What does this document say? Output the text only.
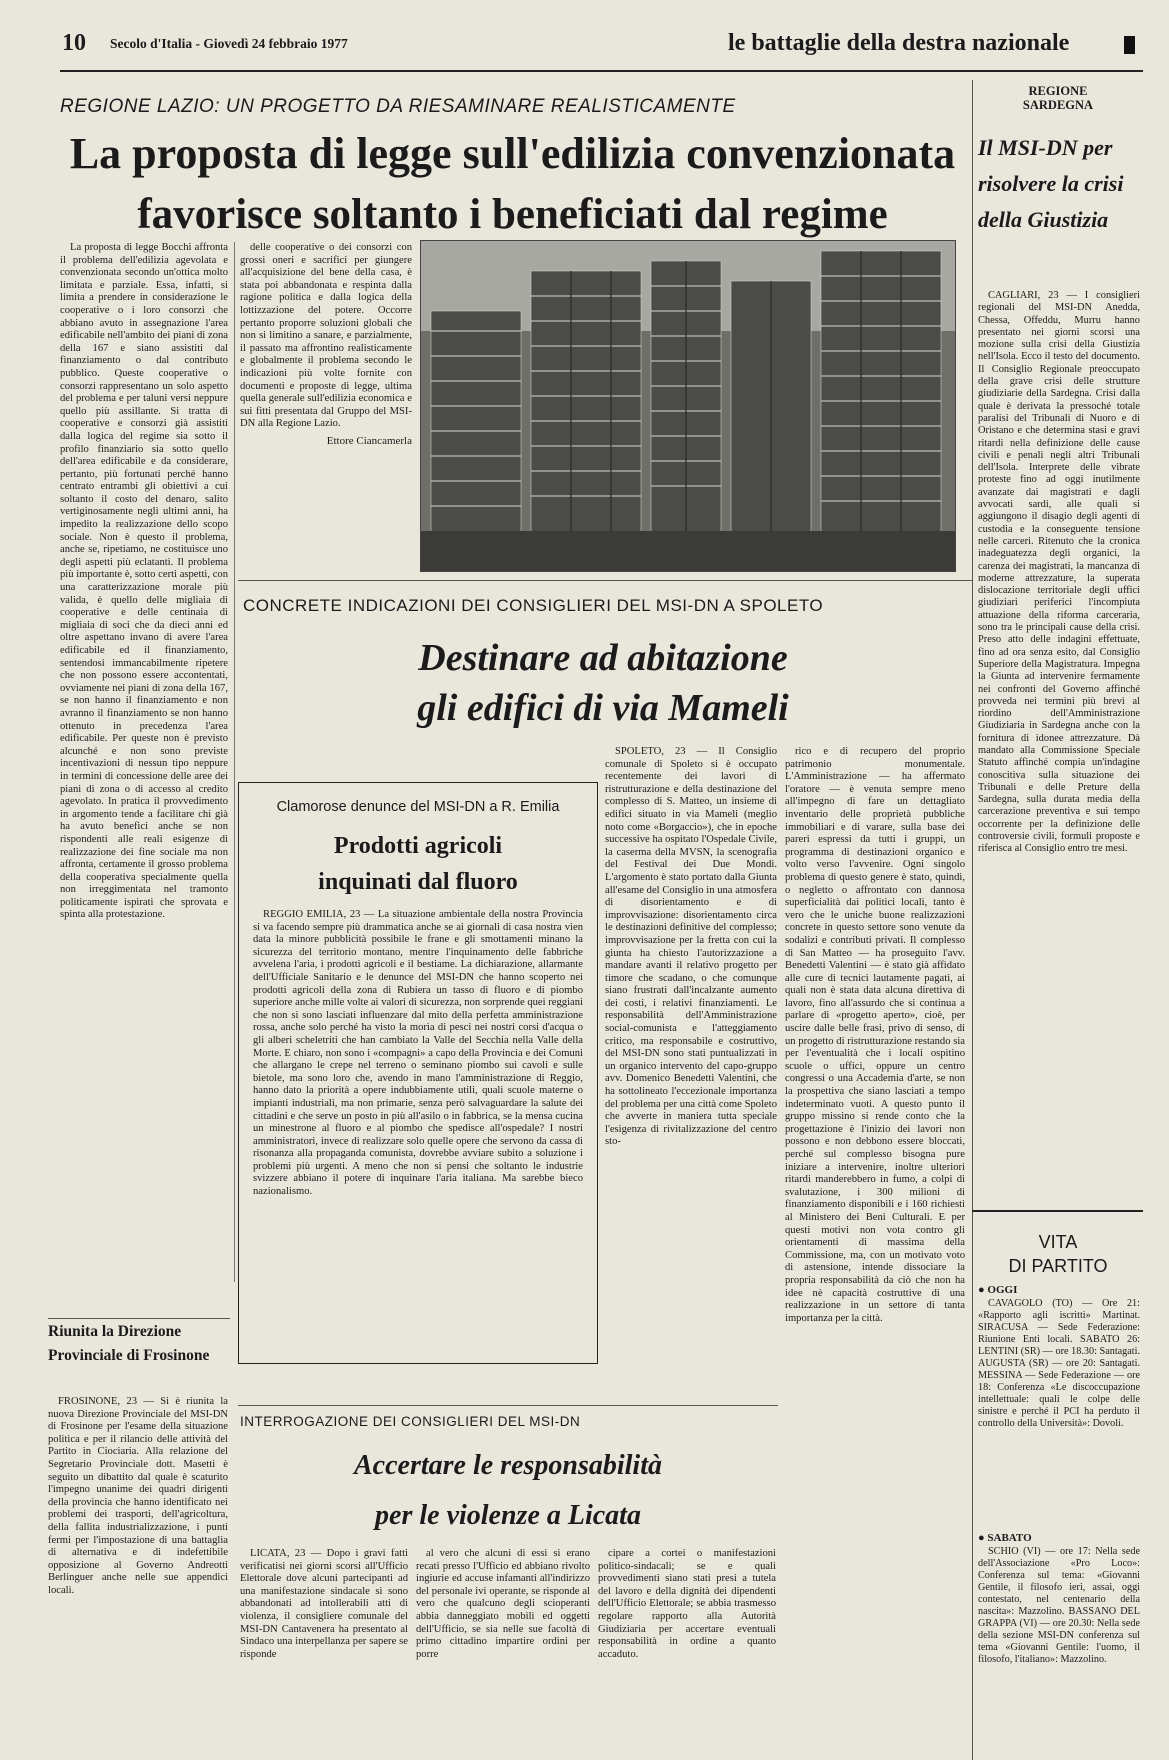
10 Secolo d'Italia - Giovedì 24 febbraio 1977	le battaglie della destra nazionale
REGIONE LAZIO: UN PROGETTO DA RIESAMINARE REALISTICAMENTE
La proposta di legge sull'edilizia convenzionata
favorisce soltanto i beneficiati dal regime

La proposta di legge Bocchi affronta il problema dell'edilizia agevolata e convenzionata secondo un'ottica molto limitata e parziale. Essa, infatti, si limita a prendere in considerazione le cooperative o i loro consorzi che abbiano avuto in assegnazione l'area edificabile nell'ambito dei piani di zona della 167 e siano assistiti dal finanziamento o dal contributo pubblico. Queste cooperative o consorzi rappresentano un solo aspetto del problema e per taluni versi neppure quello più assillante. Si tratta di cooperative e consorzi già assistiti dalla logica del regime sia sotto il profilo finanziario sia sotto quello dell'area edificabile e da considerare, pertanto, più fortunati perché hanno centrato entrambi gli obiettivi a cui soltanto il costo del denaro, salito vertiginosamente negli ultimi anni, ha impedito la realizzazione dello scopo sociale. Non è questo il problema, anche se, ripetiamo, ne costituisce uno degli aspetti più eclatanti. Il problema più importante è, sotto certi aspetti, con una caratterizzazione morale più valida, è quello delle migliaia di cooperative e delle centinaia di migliaia di soci che da dieci anni ed oltre aspettano invano di avere l'area edificabile ed il finanziamento, sentendosi immancabilmente ripetere che non possono essere accontentati, ovviamente nei piani di zona della 167, se non hanno il finanziamento e non avranno il finanziamento se non hanno ottenuto in precedenza l'area edificabile. Per queste non è previsto alcunché e non sono previste incentivazioni di nessun tipo neppure in termini di concessione delle aree dei piani di zona o di accesso al credito agevolato. In pratica il provvedimento in argomento tende a facilitare chi già ha avuto benefici anche se non rispondenti alle reali esigenze di realizzazione dei fine sociale ma non affronta, certamente il grosso problema della cooperativa specialmente quella non irreggimentata nel tramonto politicamente ispirati che sprovata e spinta alla protestazione.

delle cooperative o dei consorzi con grossi oneri e sacrifici per giungere all'acquisizione del bene della casa, è stata poi abbandonata e respinta dalla ragione politica e dalla logica della lottizzazione del potere. Occorre pertanto proporre soluzioni globali che non si limitino a sanare, e parzialmente, il passato ma affrontino realisticamente e globalmente il problema secondo le indicazioni più volte fornite con documenti e proposte di legge, ultima quella generale sull'edilizia economica e sui fitti presentata dal Gruppo del MSI-DN alla Regione Lazio.

Ettore Ciancamerla
REGIONE SARDEGNA
Il MSI-DN per risolvere la crisi della Giustizia

CAGLIARI, 23 — I consiglieri regionali del MSI-DN Anedda, Chessa, Offeddu, Murru hanno presentato nei giorni scorsi una mozione sulla crisi della Giustizia nell'Isola. Ecco il testo del documento. Il Consiglio Regionale preoccupato della grave crisi delle strutture giudiziarie della Sardegna. Crisi dalla quale è derivata la pressoché totale paralisi del Tribunali di Nuoro e di Oristano e che determina stasi e gravi ritardi nella definizione delle cause civili e penali negli altri Tribunali dell'Isola. Interprete delle vibrate proteste fino ad oggi inutilmente avanzate dai magistrati e dagli avvocati sardi, alle quali si aggiungono il disagio degli agenti di custodia e la conseguente tensione nelle carceri. Ritenuto che la cronica inadeguatezza degli organici, la carenza dei magistrati, la mancanza di moderne attrezzature, la superata dislocazione territoriale degli uffici giudiziari periferici l'incompiuta attuazione della riforma carceraria, sono tra le principali cause della crisi. Preso atto delle indagini effettuate, fino ad ora senza esito, dal Consiglio Superiore della Magistratura. Impegna la Giunta ad intervenire fermamente nei confronti del Governo affinché provveda nei termini più brevi al riordino dell'Amministrazione Giudiziaria in Sardegna anche con la fornitura di idonee attrezzature. Dà mandato alla Commissione Speciale Statuto affinché compia un'indagine conoscitiva sulla situazione dei Tribunali e delle Preture della Sardegna, sulla durata media della carcerazione preventiva e sui tempo occorrente per la definizione delle controversie civili, formuli proposte e riferisca al Consiglio entro tre mesi.

CONCRETE INDICAZIONI DEI CONSIGLIERI DEL MSI-DN A SPOLETO
Destinare ad abitazione
gli edifici di via Mameli

SPOLETO, 23 — Il Consiglio comunale di Spoleto si è occupato recentemente dei lavori di ristrutturazione e della destinazione del complesso di S. Matteo, un insieme di edifici situato in via Mameli (meglio noto come «Borgaccio»), che in epoche successive ha ospitato l'Ospedale Civile, la caserma della MVSN, la scenografia del Festival dei Due Mondi. L'argomento è stato portato dalla Giunta all'esame del Consiglio in una atmosfera di disorientamento e di improvvisazione: disorientamento circa le destinazioni definitive del complesso; improvvisazione per la fretta con cui la giunta ha chiesto l'autorizzazione a mandare avanti il relativo progetto per timore che scadano, o che comunque siano frustrati dall'incalzante aumento dei costi, i relativi finanziamenti. Le responsabilità dell'Amministrazione social-comunista e l'atteggiamento critico, ma responsabile e costruttivo, del MSI-DN sono stati puntualizzati in un organico intervento del capo-gruppo avv. Domenico Benedetti Valentini, che ha sottolineato l'eccezionale importanza del problema per una città come Spoleto che avverte in maniera tutta speciale l'esigenza di rivitalizzazione del centro sto-

rico e di recupero del proprio patrimonio monumentale. L'Amministrazione — ha affermato l'oratore — è venuta sempre meno all'impegno di fare un dettagliato inventario delle proprietà pubbliche immobiliari e di varare, sulla base dei pareri espressi da tutti i gruppi, un programma di destinazioni organico e volto verso l'avvenire. Ogni singolo problema di questo genere è stato, quindi, o negletto o affrontato con dannosa superficialità dai politici locali, tanto è vero che le uniche buone realizzazioni concrete in questo settore sono venute da sodalizi e contributi privati. Il complesso di San Matteo — ha proseguito l'avv. Benedetti Valentini — è stato già affidato alle cure di tecnici lautamente pagati, ai quali non è stata data alcuna direttiva di lavoro, fino all'assurdo che si continua a parlare di «progetto aperto», cioè, per uscire dalle belle frasi, privo di senso, di un progetto di ristrutturazione restando sia per l'eventualità che i locali ospitino scuole o uffici, oppure un centro congressi o una Accademia d'arte, se non la prospettiva che siano lasciati a tempo indeterminato vuoti. A questo punto il gruppo missino si rende conto che la progettazione è l'inizio dei lavori non possono e non debbono essere bloccati, perché sul complesso bisogna pure iniziare a intervenire, inoltre ulteriori ritardi manderebbero in fumo, a colpi di svalutazione, i 300 milioni di finanziamento disponibili e i 160 richiesti al Ministero dei Beni Culturali. E per questi motivi non vota contro gli orientamenti di massima della Commissione, ma, con un motivato voto di astensione, intende dissociare la propria responsabilità da ciò che non ha idee nè capacità costruttive di una realizzazione in un settore di tanta importanza per la città.

Clamorose denunce del MSI-DN a R. Emilia
Prodotti agricoli
inquinati dal fluoro

REGGIO EMILIA, 23 — La situazione ambientale della nostra Provincia si va facendo sempre più drammatica anche se ai giornali di casa nostra vien data la minore pubblicità possibile le frane e gli smottamenti minano la sicurezza del territorio montano, mentre l'inquinamento delle fabbriche avvelena l'aria, i prodotti agricoli e il bestiame. La dichiarazione, allarmante dell'Ufficiale Sanitario e le denunce del MSI-DN che hanno scoperto nei prodotti agricoli della zona di Rubiera un tasso di fluoro e di piombo superiore anche mille volte ai valori di sicurezza, non sorprende quei reggiani che non si sono lasciati influenzare dal mito della perfetta amministrazione rossa, anche solo perché ha visto la morìa di pesci nei nostri corsi d'acqua o gli alberi scheletriti che han cambiato la Valle del Secchia nella Valle della Morte. E chiaro, non sono i «compagni» a capo della Provincia e dei Comuni che allargano le crepe nel terreno o seminano piombo sui cavoli e sulle bietole, ma sono loro che, avendo in mano l'amministrazione di Reggio, hanno dato la priorità a opere indubbiamente utili, quali scuole materne o impianti industriali, ma non primarie, senza però salvaguardare la salute dei cittadini e che serve un posto in più all'asilo o in fabbrica, se la mensa cucina un minestrone al fluoro e al piombo che spedisce all'ospedale? I nostri amministratori, invece di realizzare solo quelle opere che servono da cassa di risonanza alla propaganda comunista, dovrebbe avviare subito a soluzione i problemi più urgenti. A meno che non si pensi che soltanto le industrie svizzere abbiano il potere di inquinare l'aria italiana. Ma sarebbe bieco nazionalismo.

Riunita la Direzione Provinciale di Frosinone

FROSINONE, 23 — Si è riunita la nuova Direzione Provinciale del MSI-DN di Frosinone per l'esame della situazione politica e per il rilancio delle attività del Partito in Ciociaria. Alla relazione del Segretario Provinciale dott. Masetti è seguito un dibattito dal quale è scaturito l'impegno unanime dei quadri dirigenti della provincia che hanno identificato nei problemi dei trasporti, dell'agricoltura, della fallita industrializzazione, i punti fermi per l'impostazione di una battaglia di alternativa e di indefettibile opposizione al Governo Andreotti Berlinguer anche nelle sue appendici locali.

INTERROGAZIONE DEI CONSIGLIERI DEL MSI-DN
Accertare le responsabilità
per le violenze a Licata

LICATA, 23 — Dopo i gravi fatti verificatisi nei giorni scorsi all'Ufficio Elettorale dove alcuni partecipanti ad una manifestazione sindacale si sono abbandonati ad intollerabili atti di violenza, il consigliere comunale del MSI-DN Cantavenera ha presentato al Sindaco una interpellanza per sapere se risponde

al vero che alcuni di essi si erano recati presso l'Ufficio ed abbiano rivolto ingiurie ed accuse infamanti all'indirizzo del personale ivi operante, se risponde al vero che qualcuno degli scioperanti abbia danneggiato mobili ed oggetti dell'Ufficio, se sia nelle sue facoltà di primo cittadino impartire ordini per porre

cipare a cortei o manifestazioni politico-sindacali; se e quali provvedimenti siano stati presi a tutela del lavoro e della dignità dei dipendenti dell'Ufficio Elettorale; se abbia trasmesso regolare rapporto alla Autorità Giudiziaria per accertare eventuali responsabilità in ordine a quanto accaduto.

VITA
DI PARTITO
● OGGI

CAVAGOLO (TO) — Ore 21: «Rapporto agli iscritti» Martinat. SIRACUSA — Sede Federazione: Riunione Enti locali. SABATO 26: LENTINI (SR) — ore 18.30: Santagati. AUGUSTA (SR) — ore 20: Santagati. MESSINA — Sede Federazione — ore 18: Conferenza «Le discoccupazione intellettuale: quali le colpe delle sinistre e perché il PCI ha perduto il controllo della Università»: Dovoli.

● SABATO

SCHIO (VI) — ore 17: Nella sede dell'Associazione «Pro Loco»: Conferenza sul tema: «Giovanni Gentile, il filosofo ieri, assai, oggi contestato, nel centenario della nascita»: Mazzolino. BASSANO DEL GRAPPA (VI) — ore 20.30: Nella sede della sezione MSI-DN conferenza sul tema «Giovanni Gentile: l'uomo, il filosofo, l'italiano»: Mazzolino.
